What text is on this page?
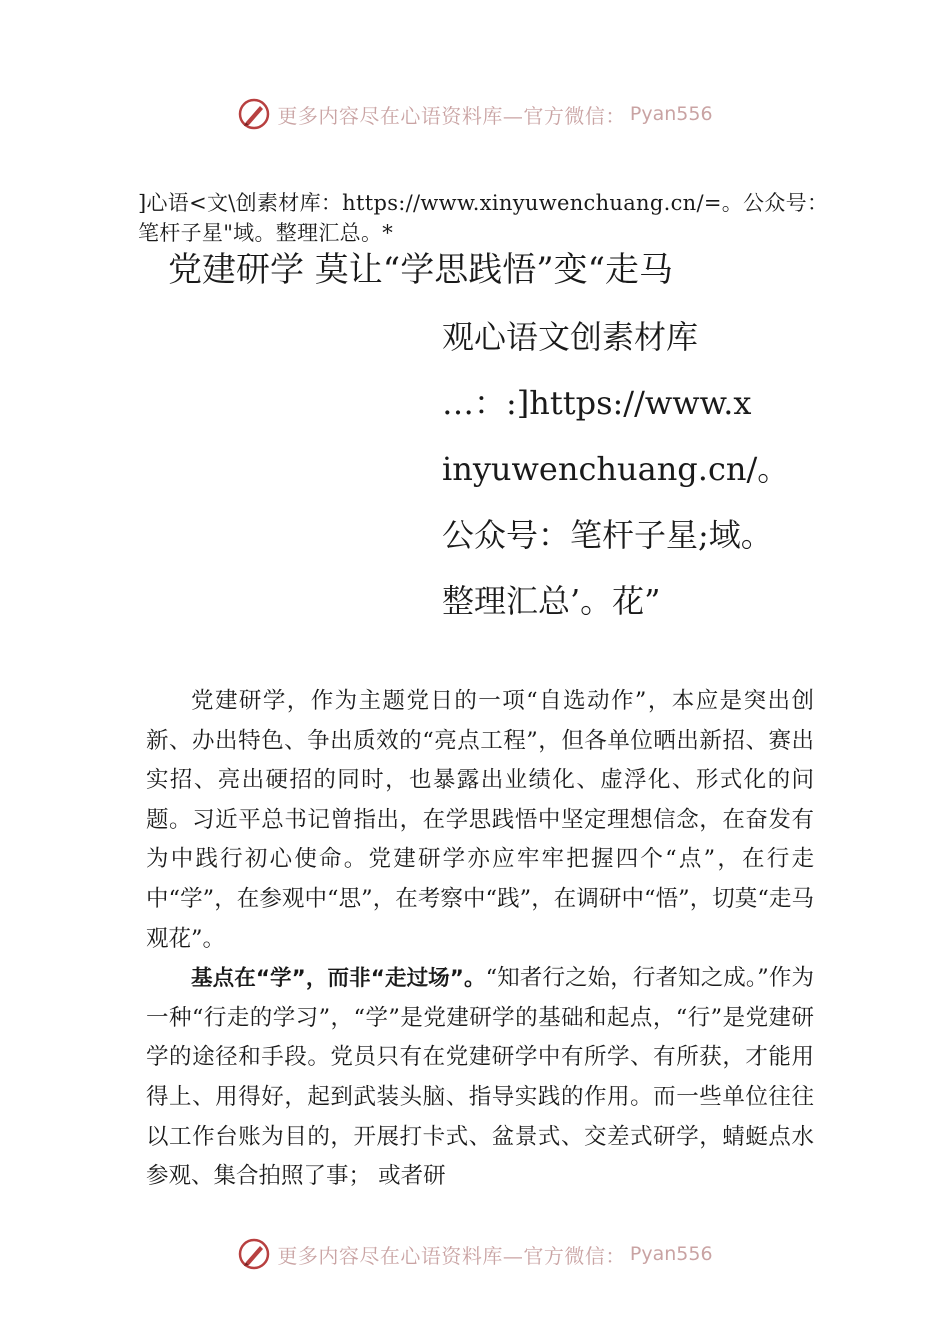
更多内容尽在心语资料库—官方微信： Pyan556
]心语<文\创素材库：https://www.xinyuwenchuang.cn/=。公众号：笔杆子星"域。整理汇总。*
党建研学 莫让“学思践悟”变“走马
观心语文创素材库
…：:]https://www.x
inyuwenchuang.cn/。
公众号：笔杆子星;域。
整理汇总’。花”

党建研学，作为主题党日的一项“自选动作”，本应是突出创新、办出特色、争出质效的“亮点工程”，但各单位晒出新招、赛出实招、亮出硬招的同时，也暴露出业绩化、虚浮化、形式化的问题。习近平总书记曾指出，在学思践悟中坚定理想信念，在奋发有为中践行初心使命。党建研学亦应牢牢把握四个“点”，在行走中“学”，在参观中“思”，在考察中“践”，在调研中“悟”，切莫“走马观花”。

基点在“学”，而非“走过场”。“知者行之始，行者知之成。”作为一种“行走的学习”，“学”是党建研学的基础和起点，“行”是党建研学的途径和手段。党员只有在党建研学中有所学、有所获，才能用得上、用得好，起到武装头脑、指导实践的作用。而一些单位往往以工作台账为目的，开展打卡式、盆景式、交差式研学，蜻蜓点水参观、集合拍照了事； 或者研

更多内容尽在心语资料库—官方微信： Pyan556
